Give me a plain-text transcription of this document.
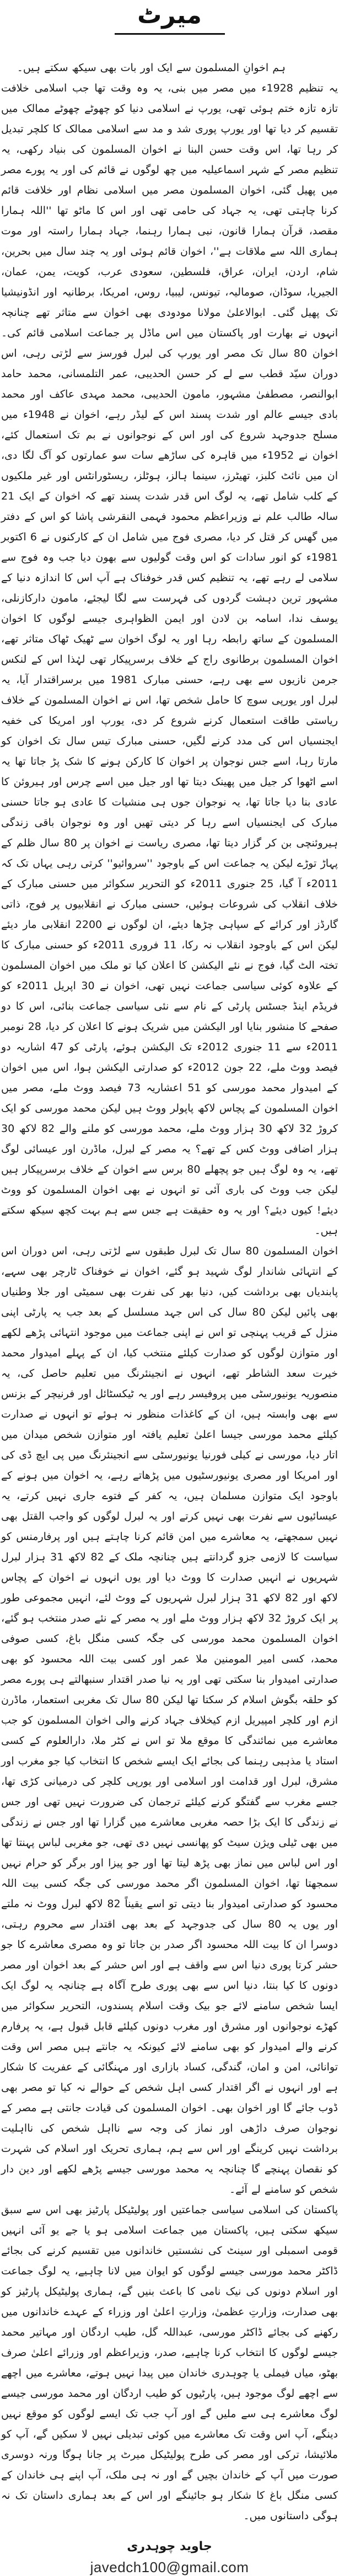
میرٹ

ہم اخوانِ المسلمون سے ایک اور بات بھی سیکھ سکتے ہیں۔

یہ تنظیم 1928ء میں مصر میں بنی، یہ وہ وقت تھا جب اسلامی خلافت تازہ تازہ ختم ہوئی تھی، یورپ نے اسلامی دنیا کو چھوٹے چھوٹے ممالک میں تقسیم کر دیا تھا اور یورپ پوری شد و مد سے اسلامی ممالک کا کلچر تبدیل کر رہا تھا، اس وقت حسن البنا نے اخوان المسلمون کی بنیاد رکھی، یہ تنظیم مصر کے شہر اسماعیلیہ میں چھ لوگوں نے قائم کی اور یہ پورے مصر میں پھیل گئی، اخوان المسلمون مصر میں اسلامی نظام اور خلافت قائم کرنا چاہتی تھی، یہ جہاد کی حامی تھی اور اس کا ماٹو تھا ''اللہ ہمارا مقصد، قرآن ہمارا قانون، نبی ہمارا رہنما، جہاد ہمارا راستہ اور موت ہماری اللہ سے ملاقات ہے''، اخوان قائم ہوئی اور یہ چند سال میں بحرین، شام، اردن، ایران، عراق، فلسطین، سعودی عرب، کویت، یمن، عمان، الجیریا، سوڈان، صومالیہ، تیونس، لیبیا، روس، امریکا، برطانیہ اور انڈونیشیا تک پھیل گئی۔ ابوالاعلیٰ مولانا مودودی بھی اخوان سے متاثر تھے چنانچہ انہوں نے بھارت اور پاکستان میں اس ماڈل پر جماعت اسلامی قائم کی۔ اخوان 80 سال تک مصر اور یورپ کی لبرل فورسز سے لڑتی رہی، اس دوران سیّد قطب سے لے کر حسن الحدیبی، عمر التلمسانی، محمد حامد ابوالنصر، مصطفیٰ مشہور، مامون الحدیبی، محمد مہدی عاکف اور محمد بادی جیسے عالم اور شدت پسند اس کے لیڈر رہے، اخوان نے 1948ء میں مسلح جدوجہد شروع کی اور اس کے نوجوانوں نے بم تک استعمال کئے، اخوان نے 1952ء میں قاہرہ کی ساڑھے سات سو عمارتوں کو آگ لگا دی، ان میں نائٹ کلبز، تھیٹرز، سینما ہالز، ہوٹلز، ریسٹورانٹس اور غیر ملکیوں کے کلب شامل تھے، یہ لوگ اس قدر شدت پسند تھے کہ اخوان کے ایک 21 سالہ طالب علم نے وزیراعظم محمود فہمی النقرشی پاشا کو اس کے دفتر میں گھس کر قتل کر دیا، مصری فوج میں شامل ان کے کارکنوں نے 6 اکتوبر 1981ء کو انور سادات کو اس وقت گولیوں سے بھون دیا جب وہ فوج سے سلامی لے رہے تھے، یہ تنظیم کس قدر خوفناک ہے آپ اس کا اندازہ دنیا کے مشہور ترین دہشت گردوں کی فہرست سے لگا لیجئے، مامون دارکازنلی، یوسف ندا، اسامہ بن لادن اور ایمن الظواہری جیسے لوگوں کا اخوان المسلمون کے ساتھ رابطہ رہا اور یہ لوگ اخوان سے ٹھیک ٹھاک متاثر تھے، اخوان المسلمون برطانوی راج کے خلاف برسرپیکار تھی لہٰذا اس کے لنکس جرمن نازیوں سے بھی رہے، حسنی مبارک 1981 میں برسراقتدار آیا، یہ لبرل اور یورپی سوچ کا حامل شخص تھا، اس نے اخوان المسلمون کے خلاف ریاستی طاقت استعمال کرنے شروع کر دی، یورپ اور امریکا کی خفیہ ایجنسیاں اس کی مدد کرنے لگیں، حسنی مبارک تیس سال تک اخوان کو مارتا رہا، اسے جس نوجوان پر اخوان کا کارکن ہونے کا شک پڑ جاتا تھا یہ اسے اٹھوا کر جیل میں پھینک دیتا تھا اور جیل میں اسے چرس اور ہیروئن کا عادی بنا دیا جاتا تھا، یہ نوجوان جوں ہی منشیات کا عادی ہو جاتا حسنی مبارک کی ایجنسیاں اسے رہا کر دیتی تھیں اور وہ نوجوان باقی زندگی ہیروئنچی بن کر گزار دیتا تھا، مصری ریاست نے اخوان پر 80 سال ظلم کے پہاڑ توڑے لیکن یہ جماعت اس کے باوجود ''سروائیو'' کرتی رہی یہاں تک کہ 2011ء آ گیا، 25 جنوری 2011ء کو التحریر سکوائر میں حسنی مبارک کے خلاف انقلاب کی شروعات ہوئیں، حسنی مبارک نے انقلابیوں پر فوج، ذاتی گارڈز اور کرائے کے سپاہی چڑھا دیئے، ان لوگوں نے 2200 انقلابی مار دیئے لیکن اس کے باوجود انقلاب نہ رکا، 11 فروری 2011ء کو حسنی مبارک کا تختہ الٹ گیا، فوج نے نئے الیکشن کا اعلان کیا تو ملک میں اخوان المسلمون کے علاوہ کوئی سیاسی جماعت نہیں تھی، اخوان نے 30 اپریل 2011ء کو فریڈم اینڈ جسٹس پارٹی کے نام سے نئی سیاسی جماعت بنائی، اس کا دو صفحے کا منشور بنایا اور الیکشن میں شریک ہونے کا اعلان کر دیا، 28 نومبر 2011ء سے 11 جنوری 2012ء تک الیکشن ہوئے، پارٹی کو 47 اشاریہ دو فیصد ووٹ ملے، 22 جون 2012ء کو صدارتی الیکشن ہوا، اس میں اخوان کے امیدوار محمد مورسی کو 51 اعشاریہ 73 فیصد ووٹ ملے، مصر میں اخوان المسلمون کے پچاس لاکھ پاپولر ووٹ ہیں لیکن محمد مورسی کو ایک کروڑ 32 لاکھ 30 ہزار ووٹ ملے، محمد مورسی کو ملنے والے 82 لاکھ 30 ہزار اضافی ووٹ کس کے تھے؟ یہ مصر کے لبرل، ماڈرن اور عیسائی لوگ تھے، یہ وہ لوگ ہیں جو پچھلے 80 برس سے اخوان کے خلاف برسرپیکار ہیں لیکن جب ووٹ کی باری آئی تو انہوں نے بھی اخوان المسلمون کو ووٹ دیئے! کیوں دیئے؟ اور یہ وہ حقیقت ہے جس سے ہم بہت کچھ سیکھ سکتے ہیں۔

اخوان المسلمون 80 سال تک لبرل طبقوں سے لڑتی رہی، اس دوران اس کے انتہائی شاندار لوگ شہید ہو گئے، اخوان نے خوفناک ٹارچر بھی سہے، پابندیاں بھی برداشت کیں، دنیا بھر کی نفرت بھی سمیٹی اور جلا وطنیاں بھی پائیں لیکن 80 سال کی اس جہد مسلسل کے بعد جب یہ پارٹی اپنی منزل کے قریب پہنچی تو اس نے اپنی جماعت میں موجود انتہائی پڑھے لکھے اور متوازن لوگوں کو صدارت کیلئے منتخب کیا، ان کے پہلے امیدوار محمد خیرت سعد الشاطر تھے، انہوں نے انجینئرنگ میں تعلیم حاصل کی، یہ منصوریہ یونیورسٹی میں پروفیسر رہے اور یہ ٹیکسٹائل اور فرنیچر کے بزنس سے بھی وابستہ ہیں، ان کے کاغذات منظور نہ ہوئے تو انہوں نے صدارت کیلئے محمد مورسی جیسا اعلیٰ تعلیم یافتہ اور متوازن شخص میدان میں اتار دیا، مورسی نے کیلی فورنیا یونیورسٹی سے انجینئرنگ میں پی ایچ ڈی کی اور امریکا اور مصری یونیورسٹیوں میں پڑھاتے رہے، یہ اخوان میں ہونے کے باوجود ایک متوازن مسلمان ہیں، یہ کفر کے فتوے جاری نہیں کرتے، یہ عیسائیوں سے نفرت بھی نہیں کرتے اور یہ لبرل لوگوں کو واجب القتل بھی نہیں سمجھتے، یہ معاشرے میں امن قائم کرنا چاہتے ہیں اور پرفارمنس کو سیاست کا لازمی جزو گردانتے ہیں چنانچہ ملک کے 82 لاکھ 31 ہزار لبرل شہریوں نے انہیں صدارت کا ووٹ دیا اور یوں انہوں نے اخوان کے پچاس لاکھ اور 82 لاکھ 31 ہزار لبرل شہریوں کے ووٹ لئے، انہیں مجموعی طور پر ایک کروڑ 32 لاکھ ہزار ووٹ ملے اور یہ مصر کے نئے صدر منتخب ہو گئے، اخوان المسلمون محمد مورسی کی جگہ کسی منگل باغ، کسی صوفی محمد، کسی امیر المومنین ملا عمر اور کسی بیت اللہ محسود کو بھی صدارتی امیدوار بنا سکتی تھی اور یہ نیا صدر اقتدار سنبھالتے ہی پورے مصر کو حلقہ بگوش اسلام کر سکتا تھا لیکن 80 سال تک مغربی استعمار، ماڈرن ازم اور کلچر امپیریل ازم کیخلاف جہاد کرنے والی اخوان المسلمون کو جب معاشرے میں نمائندگی کا موقع ملا تو اس نے کٹر ملا، دارالعلوم کے کسی استاد یا مذہبی رہنما کی بجائے ایک ایسے شخص کا انتخاب کیا جو مغرب اور مشرق، لبرل اور قدامت اور اسلامی اور یورپی کلچر کی درمیانی کڑی تھا، جسے مغرب سے گفتگو کرنے کیلئے ترجمان کی ضرورت نہیں تھی اور جس نے زندگی کا ایک بڑا حصہ مغربی معاشرے میں گزارا تھا اور جس نے زندگی میں بھی ٹیلی ویژن سیٹ کو پھانسی نہیں دی تھی، جو مغربی لباس پہنتا تھا اور اس لباس میں نماز بھی پڑھ لیتا تھا اور جو پیزا اور برگر کو حرام نہیں سمجھتا تھا، اخوان المسلمون اگر محمد مورسی کی جگہ کسی بیت اللہ محسود کو صدارتی امیدوار بنا دیتی تو اسے یقیناً 82 لاکھ لبرل ووٹ نہ ملتے اور یوں یہ 80 سال کی جدوجہد کے بعد بھی اقتدار سے محروم رہتی، دوسرا ان کا بیت اللہ محسود اگر صدر بن جاتا تو وہ مصری معاشرے کا جو حشر کرتا پوری دنیا اس سے واقف ہے اور اس حشر کے بعد اخوان اور مصر دونوں کا کیا بنتا، دنیا اس سے بھی پوری طرح آگاہ ہے چنانچہ یہ لوگ ایک ایسا شخص سامنے لائے جو بیک وقت اسلام پسندوں، التحریر سکوائر میں کھڑے نوجوانوں اور مشرق اور مغرب دونوں کیلئے قابل قبول ہے، یہ پرفارم کرنے والے امیدوار کو بھی سامنے لائے کیونکہ یہ جانتے ہیں مصر اس وقت توانائی، امن و امان، گندگی، کساد بازاری اور مہنگائی کے عفریت کا شکار ہے اور انہوں نے اگر اقتدار کسی اہل شخص کے حوالے نہ کیا تو مصر بھی ڈوب جائے گا اور اخوان بھی۔ اخوان المسلمون کی قیادت جانتی ہے مصر کے نوجوان صرف داڑھی اور نماز کی وجہ سے نااہل شخص کی نااہلیت برداشت نہیں کرینگے اور اس سے ہم، ہماری تحریک اور اسلام کی شہرت کو نقصان پہنچے گا چنانچہ یہ محمد مورسی جیسے پڑھے لکھے اور دین دار شخص کو سامنے لے آئے۔

پاکستان کی اسلامی سیاسی جماعتیں اور پولیٹیکل پارٹیز بھی اس سے سبق سیکھ سکتی ہیں، پاکستان میں جماعت اسلامی ہو یا جے یو آئی انہیں قومی اسمبلی اور سینٹ کی نشستیں خاندانوں میں تقسیم کرنے کی بجائے ڈاکٹر محمد مورسی جیسے لوگوں کو ایوان میں لانا چاہیے، یہ لوگ جماعت اور اسلام دونوں کی نیک نامی کا باعث بنیں گے، ہماری پولیٹیکل پارٹیز کو بھی صدارت، وزارتِ عظمیٰ، وزارتِ اعلیٰ اور وزراء کے عہدے خاندانوں میں رکھنے کی بجائے ڈاکٹر مورسی، عبداللہ گل، طیب اردگان اور مہاتیر محمد جیسے لوگوں کا انتخاب کرنا چاہیے، صدر، وزیراعظم اور وزرائے اعلیٰ صرف بھٹو، میاں فیملی یا چوہدری خاندان میں پیدا نہیں ہوتے، معاشرے میں اچھے سے اچھے لوگ موجود ہیں، پارٹیوں کو طیب اردگان اور محمد مورسی جیسے لوگ معاشرے ہی سے ملیں گے اور آپ جب تک ایسے لوگوں کو موقع نہیں دینگے، آپ اس وقت تک معاشرے میں کوئی تبدیلی نہیں لا سکیں گے، آپ کو ملائیشا، ترکی اور مصر کی طرح پولیٹیکل میرٹ پر جانا ہوگا ورنہ دوسری صورت میں آپ کے خاندان بچیں گے اور نہ ہی ملک، آپ اپنے ہی خاندان کے کسی منگل باغ کا شکار ہو جائینگے اور اس کے بعد ہماری داستان تک نہ ہوگی داستانوں میں۔

جاوید چوہدری
javedch100@gmail.com
